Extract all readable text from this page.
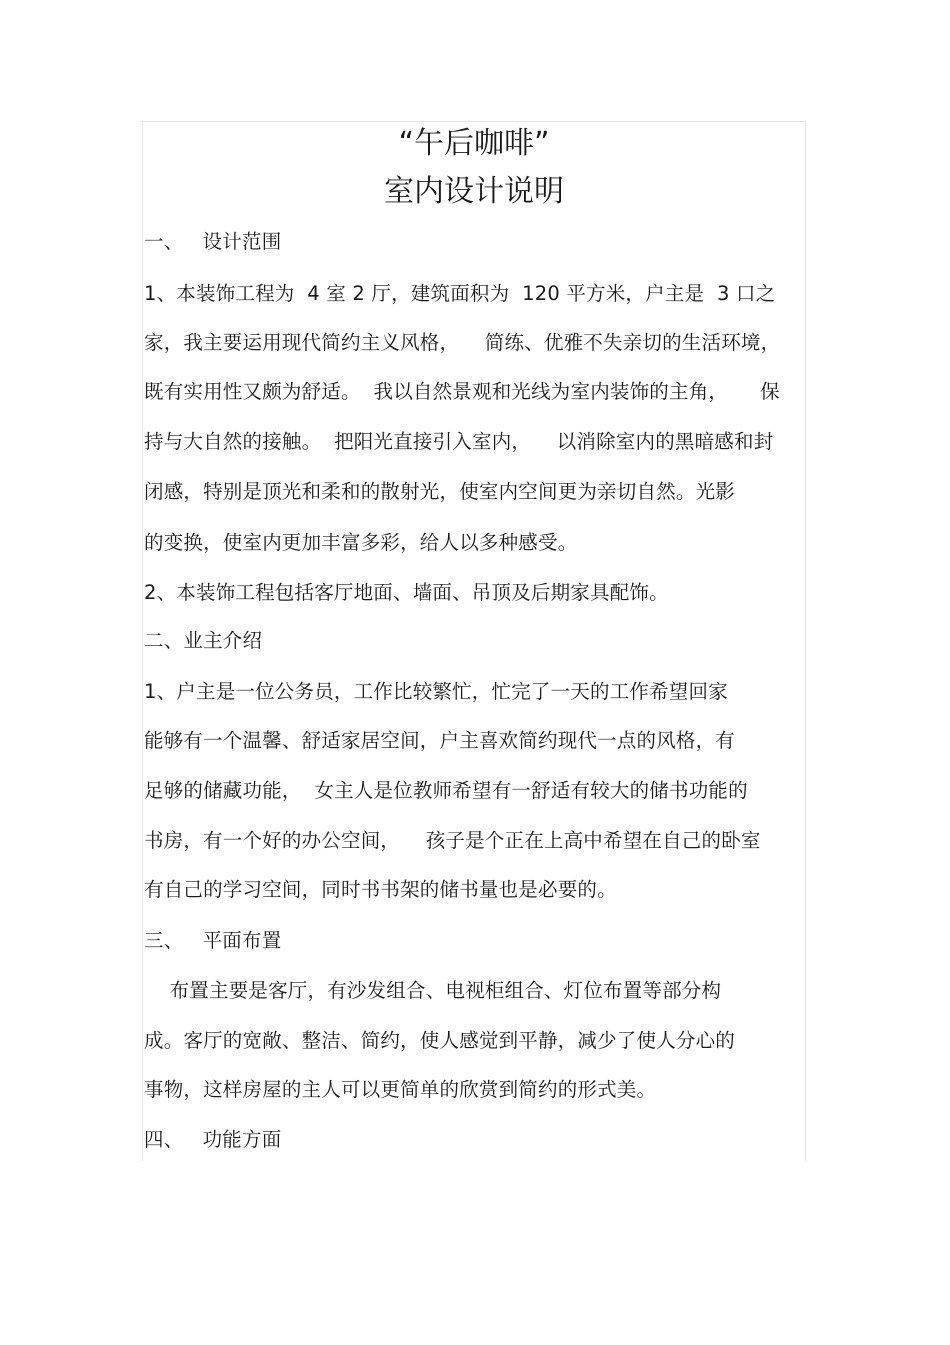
“午后咖啡”
室内设计说明
一、   设计范围
1、本装饰工程为  4 室 2 厅，建筑面积为  120 平方米，户主是  3 口之
家，我主要运用现代简约主义风格，    简练、优雅不失亲切的生活环境，
既有实用性又颇为舒适。  我以自然景观和光线为室内装饰的主角，     保
持与大自然的接触。  把阳光直接引入室内，    以消除室内的黑暗感和封
闭感，特别是顶光和柔和的散射光，使室内空间更为亲切自然。光影
的变换，使室内更加丰富多彩，给人以多种感受。
2、本装饰工程包括客厅地面、墙面、吊顶及后期家具配饰。
二、业主介绍
1、户主是一位公务员，工作比较繁忙，忙完了一天的工作希望回家
能够有一个温馨、舒适家居空间，户主喜欢简约现代一点的风格，有
足够的储藏功能，  女主人是位教师希望有一舒适有较大的储书功能的
书房，有一个好的办公空间，    孩子是个正在上高中希望在自己的卧室
有自己的学习空间，同时书书架的储书量也是必要的。
三、   平面布置
布置主要是客厅，有沙发组合、电视柜组合、灯位布置等部分构
成。客厅的宽敞、整洁、简约，使人感觉到平静，减少了使人分心的
事物，这样房屋的主人可以更简单的欣赏到简约的形式美。
四、   功能方面
